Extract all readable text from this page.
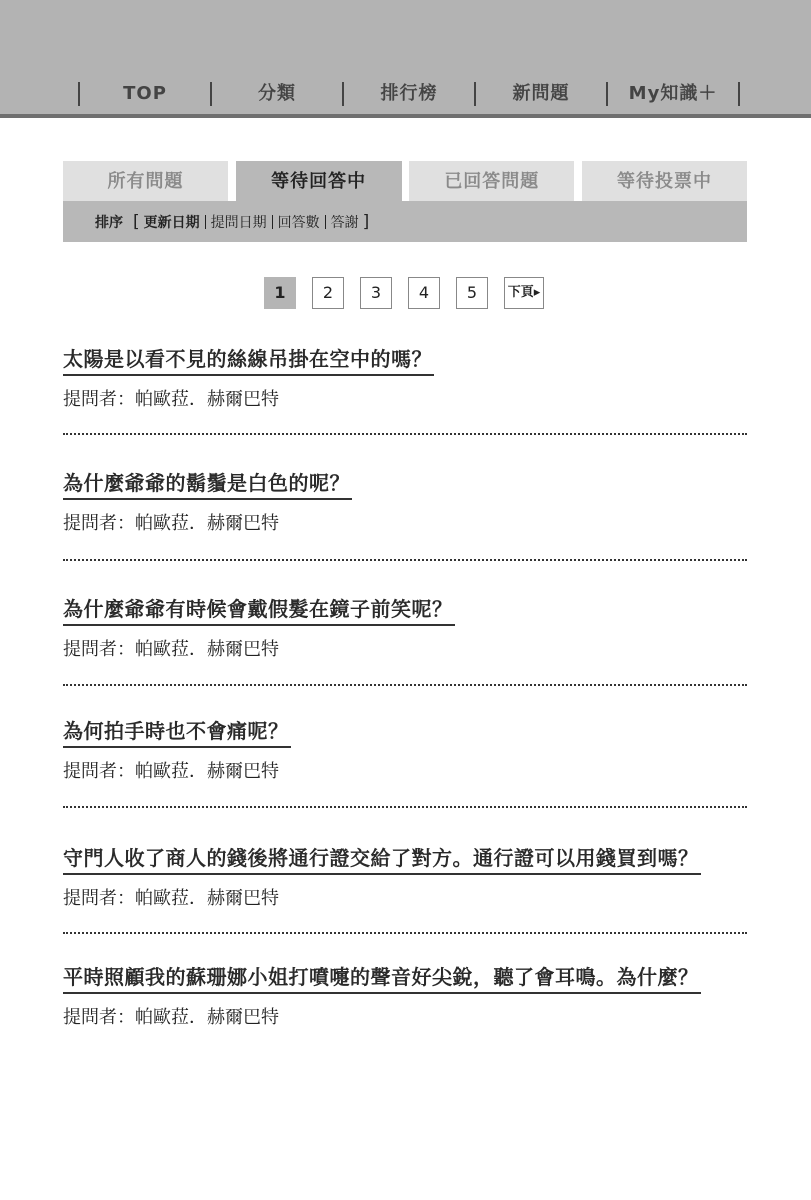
TOP	分類	排行榜	新問題	My知識＋
所有問題	等待回答中	已回答問題	等待投票中
排序 [ 更新日期 提問日期 回答數 答謝 ]
1	2	3	4	5	下頁▸
太陽是以看不見的絲線吊掛在空中的嗎？
提問者：帕歐菈．赫爾巴特
為什麼爺爺的鬍鬚是白色的呢？
提問者：帕歐菈．赫爾巴特
為什麼爺爺有時候會戴假髮在鏡子前笑呢？
提問者：帕歐菈．赫爾巴特
為何拍手時也不會痛呢？
提問者：帕歐菈．赫爾巴特
守門人收了商人的錢後將通行證交給了對方。通行證可以用錢買到嗎？
提問者：帕歐菈．赫爾巴特
平時照顧我的蘇珊娜小姐打噴嚏的聲音好尖銳，聽了會耳鳴。為什麼？
提問者：帕歐菈．赫爾巴特
